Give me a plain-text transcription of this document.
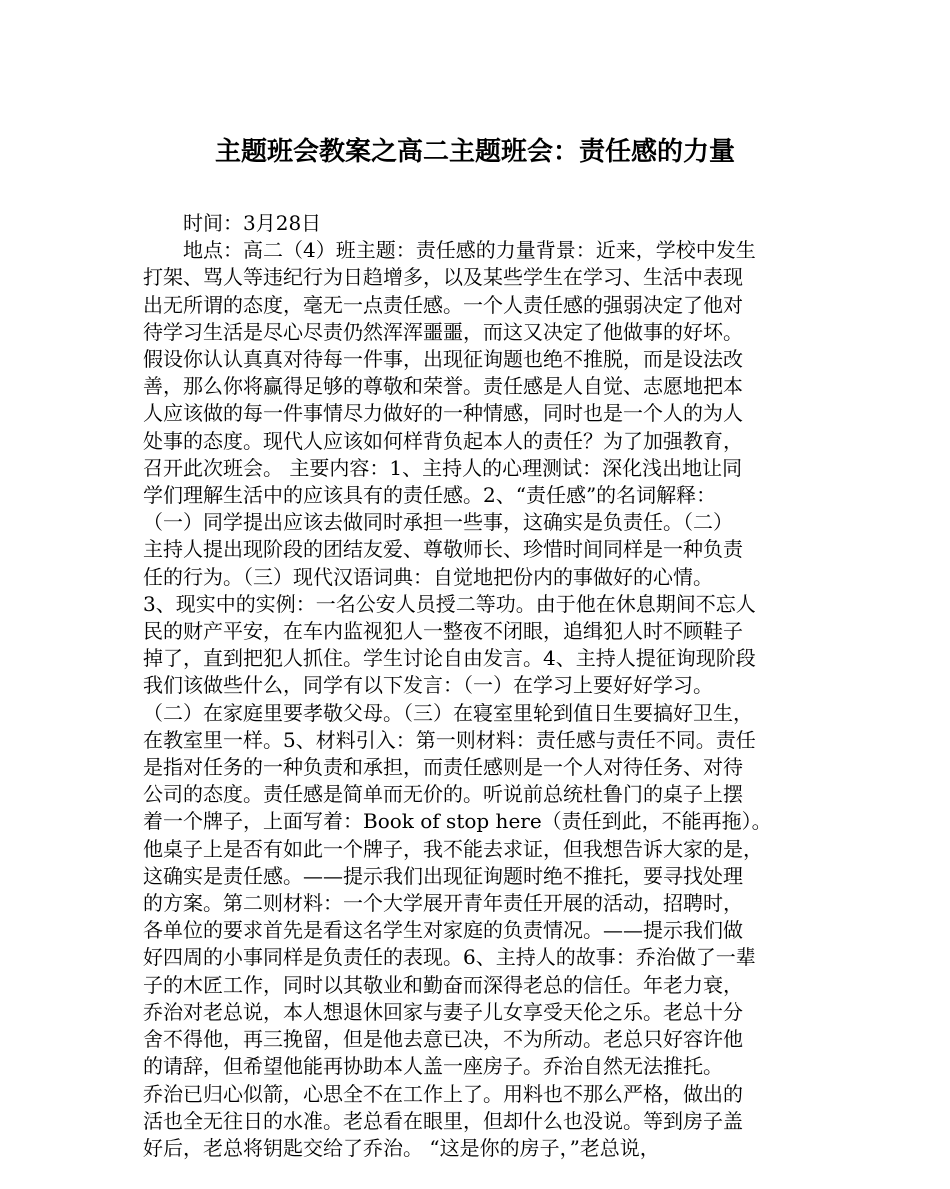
主题班会教案之高二主题班会：责任感的力量
时间：3月28日
地点：高二（4）班主题：责任感的力量背景：近来，学校中发生
打架、骂人等违纪行为日趋增多，以及某些学生在学习、生活中表现
出无所谓的态度，毫无一点责任感。一个人责任感的强弱决定了他对
待学习生活是尽心尽责仍然浑浑噩噩，而这又决定了他做事的好坏。
假设你认认真真对待每一件事，出现征询题也绝不推脱，而是设法改
善，那么你将赢得足够的尊敬和荣誉。责任感是人自觉、志愿地把本
人应该做的每一件事情尽力做好的一种情感，同时也是一个人的为人
处事的态度。现代人应该如何样背负起本人的责任？为了加强教育，
召开此次班会。 主要内容：1、主持人的心理测试：深化浅出地让同
学们理解生活中的应该具有的责任感。2、“责任感”的名词解释：
（一）同学提出应该去做同时承担一些事，这确实是负责任。（二）
主持人提出现阶段的团结友爱、尊敬师长、珍惜时间同样是一种负责
任的行为。（三）现代汉语词典：自觉地把份内的事做好的心情。
3、现实中的实例：一名公安人员授二等功。由于他在休息期间不忘人
民的财产平安，在车内监视犯人一整夜不闭眼，追缉犯人时不顾鞋子
掉了，直到把犯人抓住。学生讨论自由发言。4、主持人提征询现阶段
我们该做些什么，同学有以下发言：（一）在学习上要好好学习。
（二）在家庭里要孝敬父母。（三）在寝室里轮到值日生要搞好卫生，
在教室里一样。5、材料引入：第一则材料：责任感与责任不同。责任
是指对任务的一种负责和承担，而责任感则是一个人对待任务、对待
公司的态度。责任感是简单而无价的。听说前总统杜鲁门的桌子上摆
着一个牌子，上面写着：Book of stop here（责任到此，不能再拖）。
他桌子上是否有如此一个牌子，我不能去求证，但我想告诉大家的是，
这确实是责任感。——提示我们出现征询题时绝不推托，要寻找处理
的方案。第二则材料：一个大学展开青年责任开展的活动，招聘时，
各单位的要求首先是看这名学生对家庭的负责情况。——提示我们做
好四周的小事同样是负责任的表现。6、主持人的故事：乔治做了一辈
子的木匠工作，同时以其敬业和勤奋而深得老总的信任。年老力衰，
乔治对老总说，本人想退休回家与妻子儿女享受天伦之乐。老总十分
舍不得他，再三挽留，但是他去意已决，不为所动。老总只好容许他
的请辞，但希望他能再协助本人盖一座房子。乔治自然无法推托。
乔治已归心似箭，心思全不在工作上了。用料也不那么严格，做出的
活也全无往日的水准。老总看在眼里，但却什么也没说。等到房子盖
好后，老总将钥匙交给了乔治。 “这是你的房子，”老总说，
